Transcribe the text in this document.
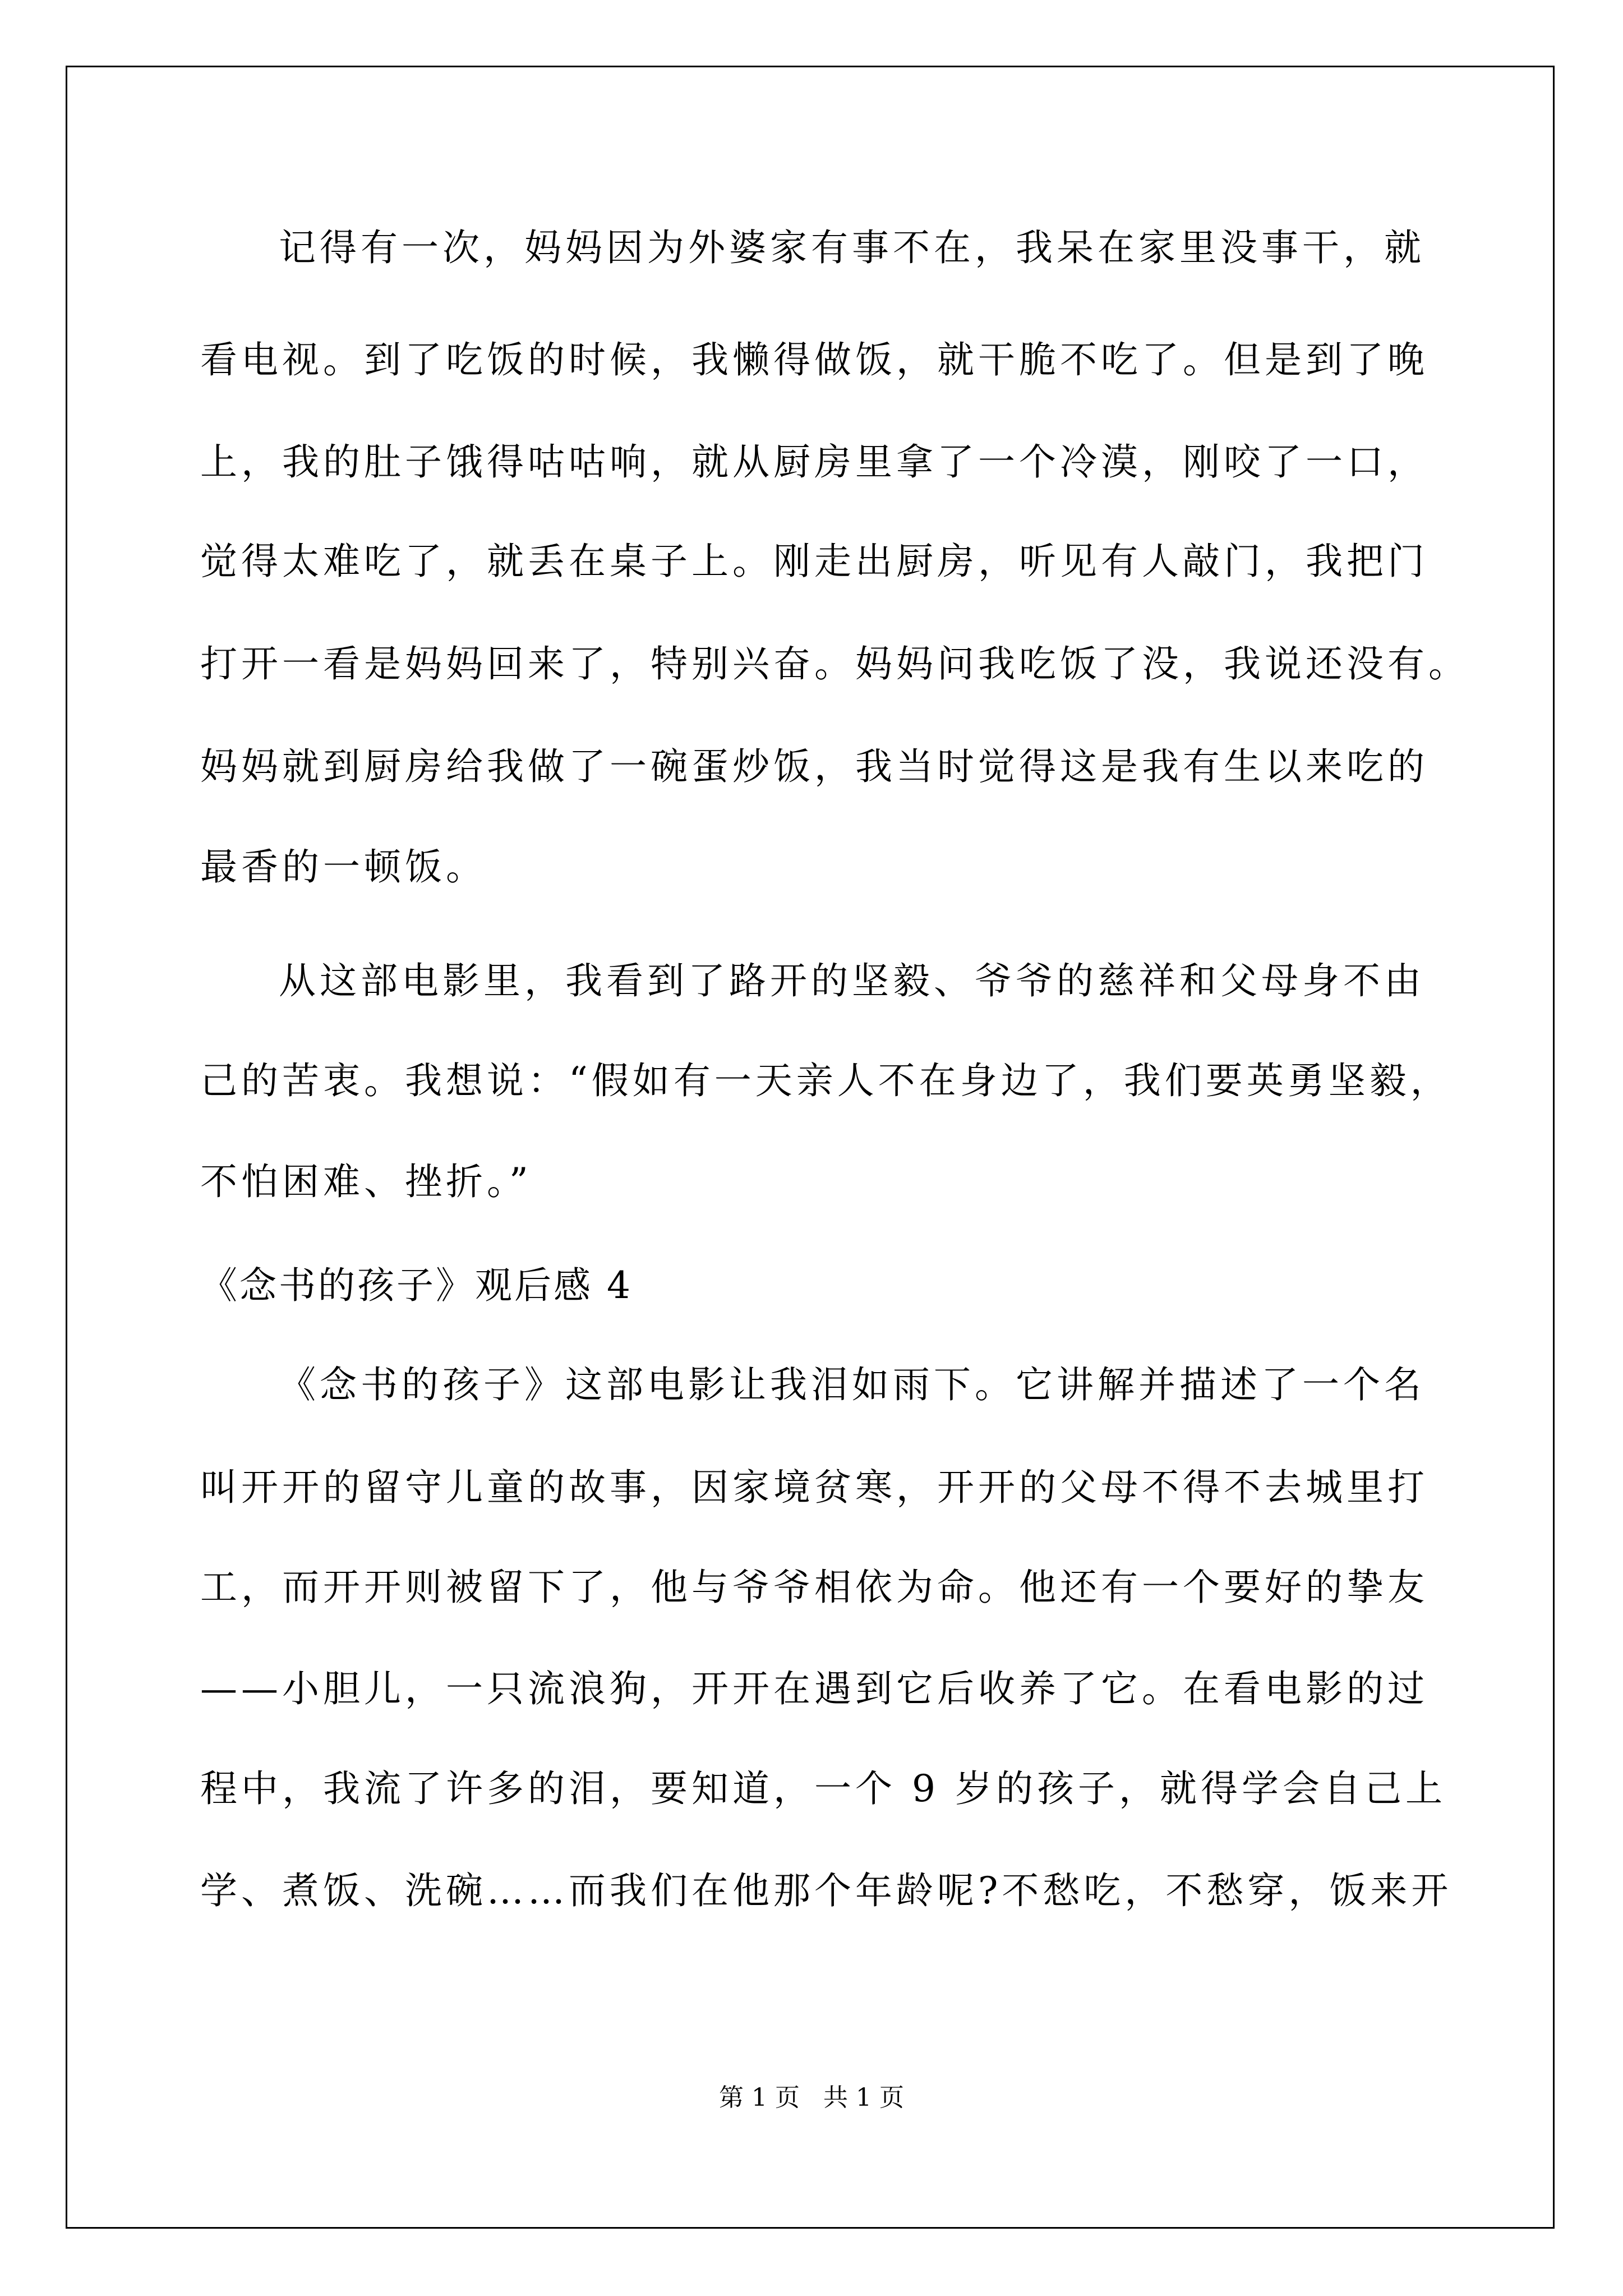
记得有一次，妈妈因为外婆家有事不在，我呆在家里没事干，就
看电视。到了吃饭的时候，我懒得做饭，就干脆不吃了。但是到了晚
上，我的肚子饿得咕咕响，就从厨房里拿了一个冷漠，刚咬了一口，
觉得太难吃了，就丢在桌子上。刚走出厨房，听见有人敲门，我把门
打开一看是妈妈回来了，特别兴奋。妈妈问我吃饭了没，我说还没有。
妈妈就到厨房给我做了一碗蛋炒饭，我当时觉得这是我有生以来吃的
最香的一顿饭。
从这部电影里，我看到了路开的坚毅、爷爷的慈祥和父母身不由
己的苦衷。我想说：“假如有一天亲人不在身边了，我们要英勇坚毅，
不怕困难、挫折。”
《念书的孩子》观后感 4
《念书的孩子》这部电影让我泪如雨下。它讲解并描述了一个名
叫开开的留守儿童的故事，因家境贫寒，开开的父母不得不去城里打
工，而开开则被留下了，他与爷爷相依为命。他还有一个要好的挚友
——小胆儿，一只流浪狗，开开在遇到它后收养了它。在看电影的过
程中，我流了许多的泪，要知道，一个 9 岁的孩子，就得学会自己上
学、煮饭、洗碗……而我们在他那个年龄呢?不愁吃，不愁穿，饭来开
第 1 页   共 1 页
